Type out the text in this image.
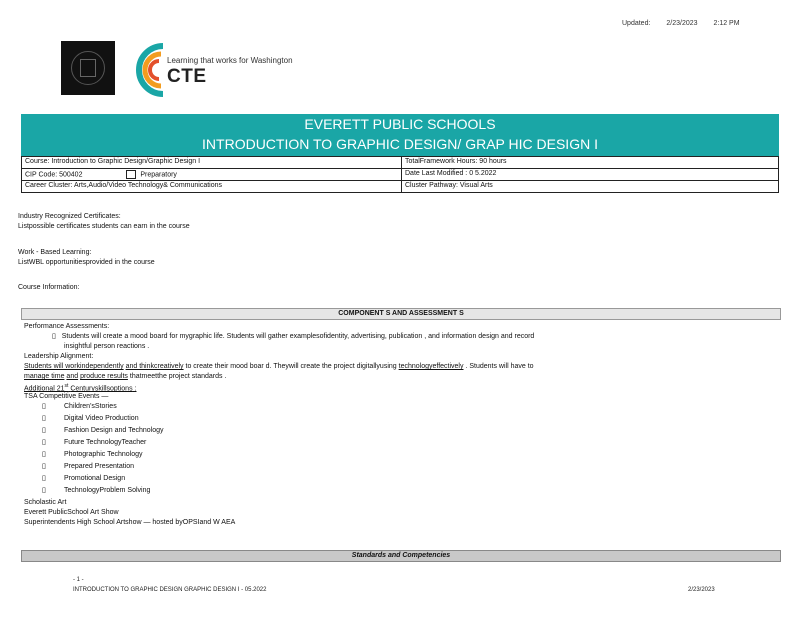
Updated: 2/23/2023 2:12 PM
Learning that works for Washington
CTE
EVERETT PUBLIC SCHOOLS
INTRODUCTION TO GRAPHIC DESIGN/ GRAP HIC DESIGN I
Course: Introduction to Graphic Design/Graphic Design I	TotalFramework Hours: 90 hours
CIP Code: 500402 Preparatory	Date Last Modified : 0 5.2022
Career Cluster: Arts,Audio/Video Technology& Communications	Cluster Pathway: Visual Arts
Industry Recognized Certificates:
Listpossible certificates students can earn in the course
Work - Based Learning:
ListWBL opportunitiesprovided in the course
Course Information:
COMPONENT S AND ASSESSMENT S
Performance Assessments:
▯ Students will create a mood board for mygraphic life. Students will gather examplesofidentity, advertising, publication , and information design and record
insightful person reactions .
Leadership Alignment:
Students will workindependently and thinkcreatively to create their mood boar d. Theywill create the project digitallyusing technologyeffectively . Students will have to
manage time and produce results thatmeetthe project standards .
Additional 21st Centuryskillsoptions :
TSA Competitive Events —
▯	Children'sStories
▯	Digital Video Production
▯	Fashion Design and Technology
▯	Future TechnologyTeacher
▯	Photographic Technology
▯	Prepared Presentation
▯	Promotional Design
▯	TechnologyProblem Solving
Scholastic Art
Everett PublicSchool Art Show
Superintendents High School Artshow — hosted byOPSIand W AEA
Standards and Competencies
- 1 -
INTRODUCTION TO GRAPHIC DESIGN GRAPHIC DESIGN I - 05.2022	2/23/2023
